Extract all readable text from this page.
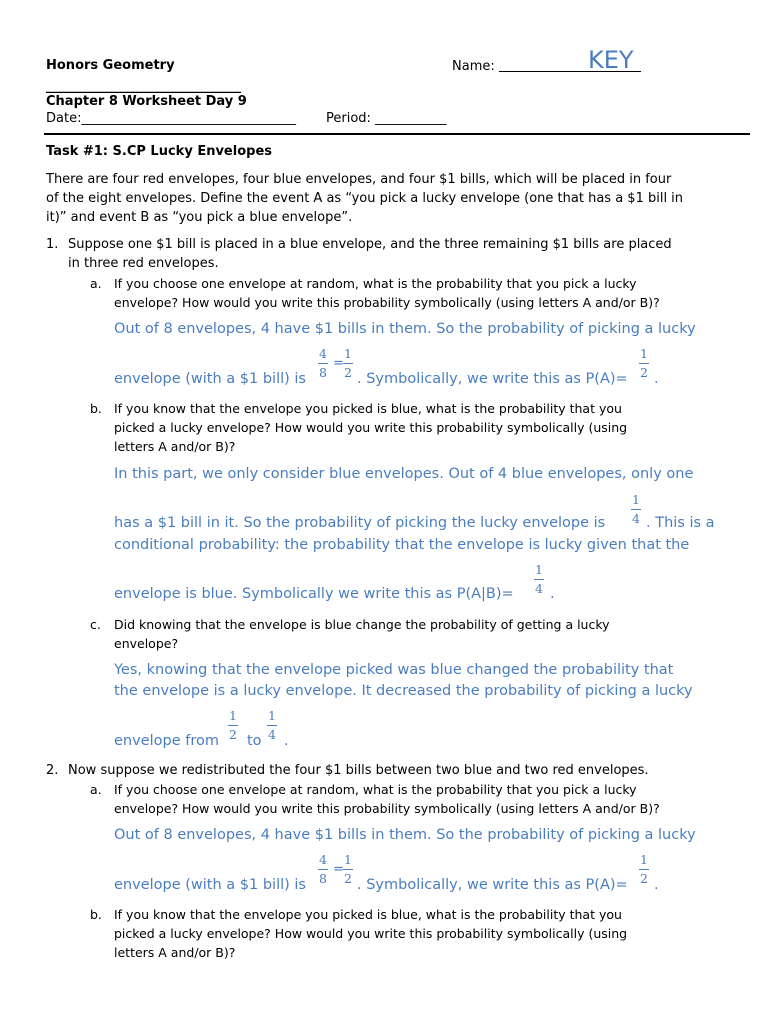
Honors Geometry	Name:	KEY
______________________________
Chapter 8 Worksheet Day 9
Date:_________________________________ Period: ___________
Task #1: S.CP Lucky Envelopes
There are four red envelopes, four blue envelopes, and four $1 bills, which will be placed in four
of the eight envelopes. Define the event A as “you pick a lucky envelope (one that has a $1 bill in
it)” and event B as “you pick a blue envelope”.
1. Suppose one $1 bill is placed in a blue envelope, and the three remaining $1 bills are placed
in three red envelopes.
a. If you choose one envelope at random, what is the probability that you pick a lucky
envelope? How would you write this probability symbolically (using letters A and/or B)?
Out of 8 envelopes, 4 have $1 bills in them. So the probability of picking a lucky
$\frac{4}{8} = \frac{1}{2}$
envelope (with a $1 bill) is	. Symbolically, we write this as $P(A)= \frac{1}{2}$ .
b. If you know that the envelope you picked is blue, what is the probability that you
picked a lucky envelope? How would you write this probability symbolically (using
letters A and/or B)?
In this part, we only consider blue envelopes. Out of 4 blue envelopes, only one
$\frac{1}{4}$
has a $1 bill in it. So the probability of picking the lucky envelope is	. This is a
conditional probability: the probability that the envelope is lucky given that the
$\frac{1}{4}$
envelope is blue. Symbolically we write this as P(A|B)=	.
c. Did knowing that the envelope is blue change the probability of getting a lucky
envelope?
Yes, knowing that the envelope picked was blue changed the probability that
the envelope is a lucky envelope. It decreased the probability of picking a lucky
$\frac{1}{2} \frac{1}{4}$
envelope from to .
2. Now suppose we redistributed the four $1 bills between two blue and two red envelopes.
a. If you choose one envelope at random, what is the probability that you pick a lucky
envelope? How would you write this probability symbolically (using letters A and/or B)?
Out of 8 envelopes, 4 have $1 bills in them. So the probability of picking a lucky
$\frac{4}{8} = \frac{1}{2}$
envelope (with a $1 bill) is	. Symbolically, we write this as $P(A)= \frac{1}{2}$ .
b. If you know that the envelope you picked is blue, what is the probability that you
picked a lucky envelope? How would you write this probability symbolically (using
letters A and/or B)?
